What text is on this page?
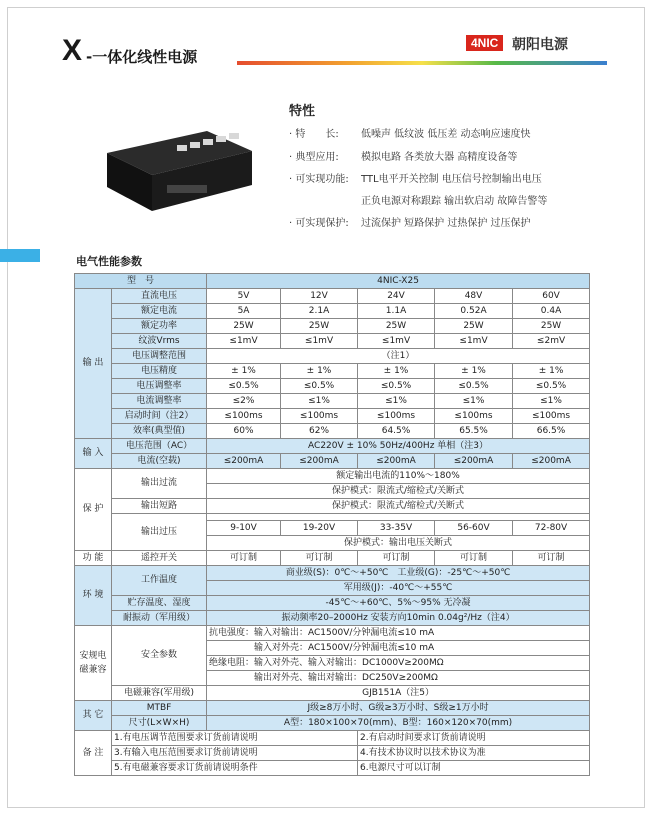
X -一体化线性电源
4NIC 朝阳电源
特性
· 特　　长: 低噪声 低纹波 低压差 动态响应速度快
· 典型应用: 模拟电路 各类放大器 高精度设备等
· 可实现功能: TTL电平开关控制 电压信号控制输出电压
正负电源对称跟踪 输出软启动 故障告警等
· 可实现保护: 过流保护 短路保护 过热保护 过压保护
电气性能参数
型　号		4NIC-X25				
输 出	直流电压	5V	12V	24V	48V	60V
	额定电流	5A	2.1A	1.1A	0.52A	0.4A
	额定功率	25W	25W	25W	25W	25W
	纹波Vrms	≤1mV	≤1mV	≤1mV	≤1mV	≤2mV
	电压调整范围	（注1）				
	电压精度	± 1%	± 1%	± 1%	± 1%	± 1%
	电压调整率	≤0.5%	≤0.5%	≤0.5%	≤0.5%	≤0.5%
	电流调整率	≤2%	≤1%	≤1%	≤1%	≤1%
	启动时间（注2）	≤100ms	≤100ms	≤100ms	≤100ms	≤100ms
	效率(典型值)	60%	62%	64.5%	65.5%	66.5%
输 入	电压范围（AC）	AC220V ± 10% 50Hz/400Hz 单相（注3）				
	电流(空载)	≤200mA	≤200mA	≤200mA	≤200mA	≤200mA
保 护	输出过流	额定输出电流的110%～180%				
		保护模式：限流式/缩检式/关断式				
	输出短路	保护模式：限流式/缩检式/关断式				
	输出过压					
		9-10V	19-20V	33-35V	56-60V	72-80V
		保护模式：输出电压关断式				
功 能	遥控开关	可订制	可订制	可订制	可订制	可订制
环 境	工作温度	商业级(S)：0℃～+50℃　工业级(G)：-25℃～+50℃				
		军用级(J)：-40℃～+55℃				
	贮存温度、湿度	-45℃～+60℃、5%～95% 无冷凝				
	耐振动（军用级）	振动频率20–2000Hz 安装方向10min 0.04g²/Hz（注4）				
安规电磁兼容	安全参数	抗电强度：输入对输出：AC1500V/分钟漏电流≤10 mA				
		　　　　　输入对外壳：AC1500V/分钟漏电流≤10 mA				
		绝缘电阻：输入对外壳、输入对输出：DC1000V≥200MΩ				
		　　　　　输出对外壳、输出对输出：DC250V≥200MΩ				
	电磁兼容(军用级)	GJB151A（注5）				
其 它	MTBF	J级≥8万小时、G级≥3万小时、S级≥1万小时				
	尺寸(L×W×H)	A型：180×100×70(mm)、B型：160×120×70(mm)				
备 注	1.有电压调节范围要求订货前请说明			2.有启动时间要求订货前请说明		
	3.有输入电压范围要求订货前请说明			4.有技术协议时以技术协议为准		
	5.有电磁兼容要求订货前请说明条件			6.电源尺寸可以订制		
